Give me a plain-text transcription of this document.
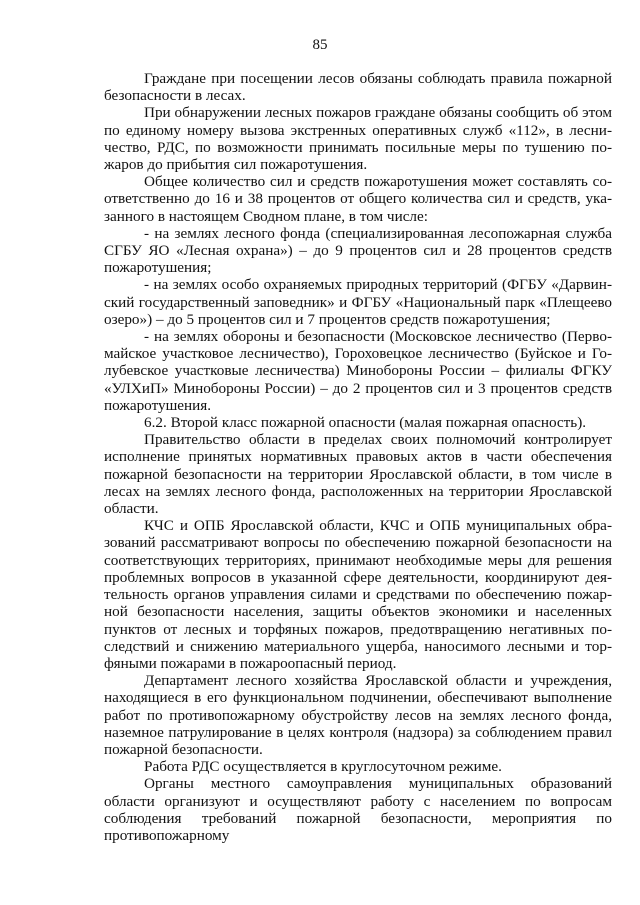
85

Граждане при посещении лесов обязаны соблюдать правила пожарной безопасности в лесах.

При обнаружении лесных пожаров граждане обязаны сообщить об этом по единому номеру вызова экстренных оперативных служб «112», в лесничество, РДС, по возможности принимать посильные меры по тушению пожаров до прибытия сил пожаротушения.

Общее количество сил и средств пожаротушения может составлять соответственно до 16 и 38 процентов от общего количества сил и средств, указанного в настоящем Сводном плане, в том числе:

- на землях лесного фонда (специализированная лесопожарная служба СГБУ ЯО «Лесная охрана») – до 9 процентов сил и 28 процентов средств пожаротушения;

- на землях особо охраняемых природных территорий (ФГБУ «Дарвинский государственный заповедник» и ФГБУ «Национальный парк «Плещеево озеро») – до 5 процентов сил и 7 процентов средств пожаротушения;

- на землях обороны и безопасности (Московское лесничество (Первомайское участковое лесничество), Гороховецкое лесничество (Буйское и Голубевское участковые лесничества) Минобороны России – филиалы ФГКУ «УЛХиП» Минобороны России) – до 2 процентов сил и 3 процентов средств пожаротушения.

6.2. Второй класс пожарной опасности (малая пожарная опасность).

Правительство области в пределах своих полномочий контролирует исполнение принятых нормативных правовых актов в части обеспечения пожарной безопасности на территории Ярославской области, в том числе в лесах на землях лесного фонда, расположенных на территории Ярославской области.

КЧС и ОПБ Ярославской области, КЧС и ОПБ муниципальных образований рассматривают вопросы по обеспечению пожарной безопасности на соответствующих территориях, принимают необходимые меры для решения проблемных вопросов в указанной сфере деятельности, координируют деятельность органов управления силами и средствами по обеспечению пожарной безопасности населения, защиты объектов экономики и населенных пунктов от лесных и торфяных пожаров, предотвращению негативных последствий и снижению материального ущерба, наносимого лесными и торфяными пожарами в пожароопасный период.

Департамент лесного хозяйства Ярославской области и учреждения, находящиеся в его функциональном подчинении, обеспечивают выполнение работ по противопожарному обустройству лесов на землях лесного фонда, наземное патрулирование в целях контроля (надзора) за соблюдением правил пожарной безопасности.

Работа РДС осуществляется в круглосуточном режиме.

Органы местного самоуправления муниципальных образований области организуют и осуществляют работу с населением по вопросам соблюдения требований пожарной безопасности, мероприятия по противопожарному
